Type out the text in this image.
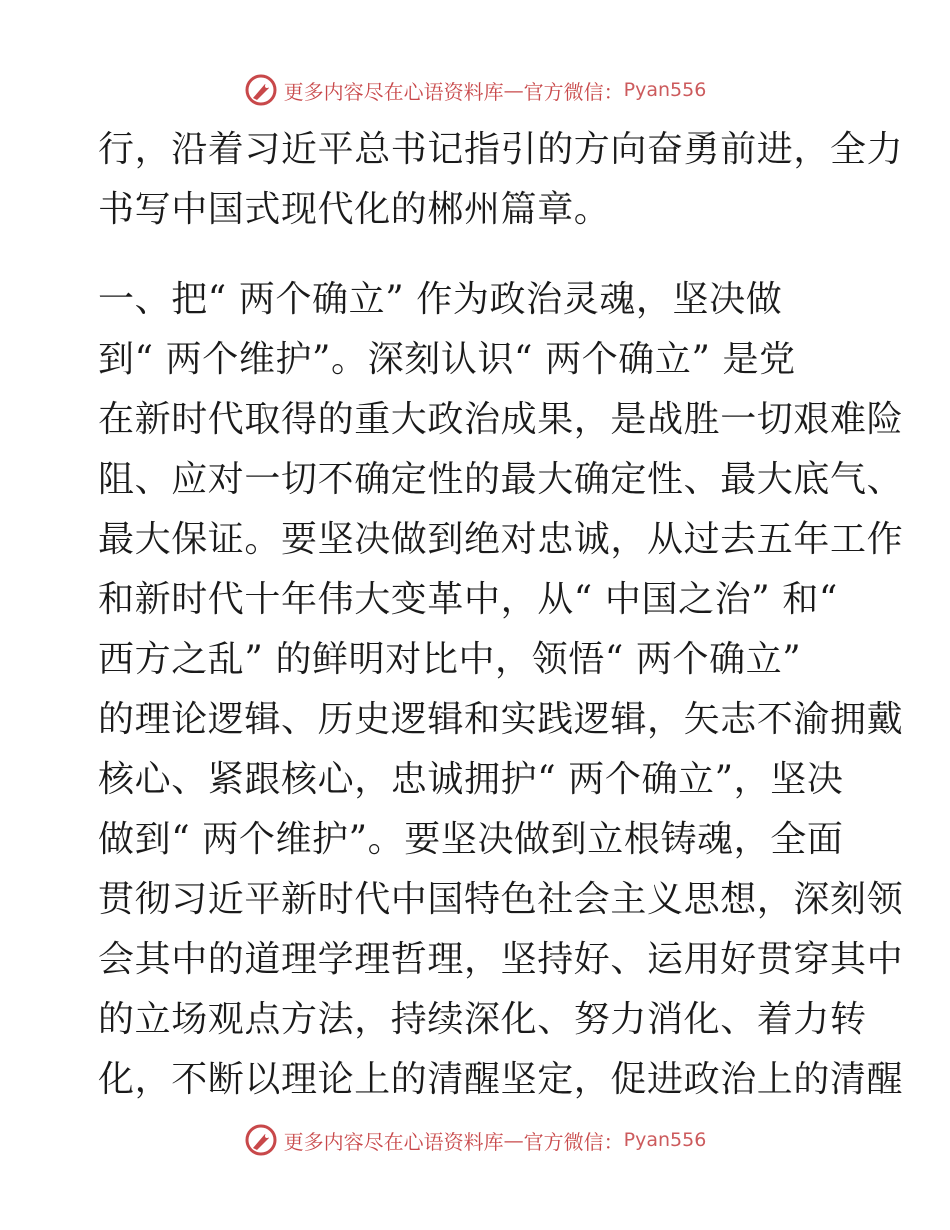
更多内容尽在心语资料库 — 官方微信： Pyan556
行，沿着习近平总书记指引的方向奋勇前进，全力
书写中国式现代化的郴州篇章。
一、把“ 两个确立” 作为政治灵魂，坚决做
到“ 两个维护”。深刻认识“ 两个确立” 是党
在新时代取得的重大政治成果，是战胜一切艰难险
阻、应对一切不确定性的最大确定性、最大底气、
最大保证。要坚决做到绝对忠诚，从过去五年工作
和新时代十年伟大变革中，从“ 中国之治” 和“
西方之乱” 的鲜明对比中，领悟“ 两个确立”
的理论逻辑、历史逻辑和实践逻辑，矢志不渝拥戴
核心、紧跟核心，忠诚拥护“ 两个确立”，坚决
做到“ 两个维护”。要坚决做到立根铸魂，全面
贯彻习近平新时代中国特色社会主义思想，深刻领
会其中的道理学理哲理，坚持好、运用好贯穿其中
的立场观点方法，持续深化、努力消化、着力转
化，不断以理论上的清醒坚定，促进政治上的清醒
更多内容尽在心语资料库 — 官方微信： Pyan556
